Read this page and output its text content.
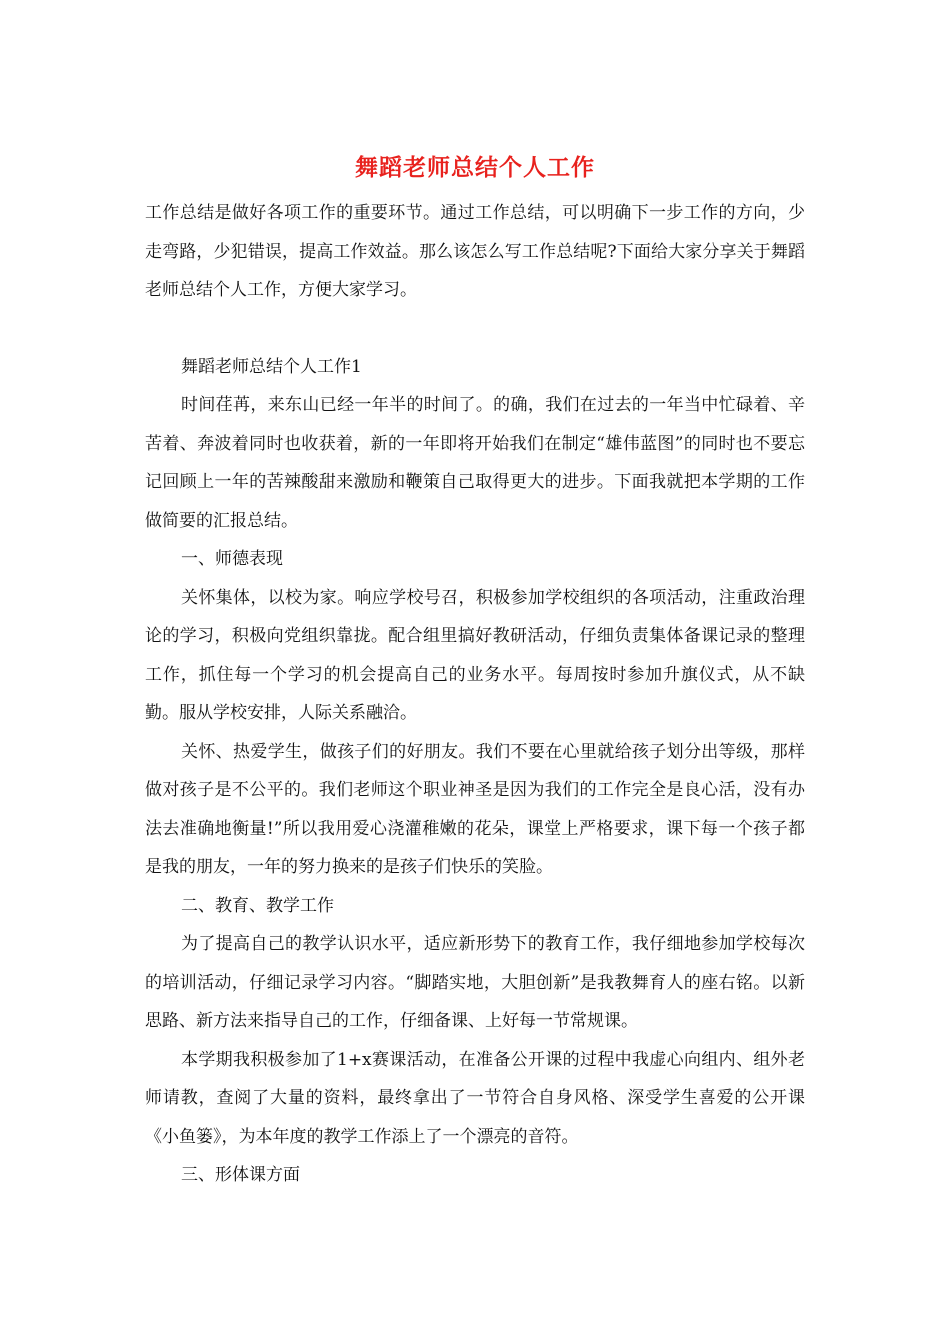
舞蹈老师总结个人工作

工作总结是做好各项工作的重要环节。通过工作总结，可以明确下一步工作的方向，少走弯路，少犯错误，提高工作效益。那么该怎么写工作总结呢?下面给大家分享关于舞蹈老师总结个人工作，方便大家学习。

舞蹈老师总结个人工作1

时间荏苒，来东山已经一年半的时间了。的确，我们在过去的一年当中忙碌着、辛苦着、奔波着同时也收获着，新的一年即将开始我们在制定“雄伟蓝图”的同时也不要忘记回顾上一年的苦辣酸甜来激励和鞭策自己取得更大的进步。下面我就把本学期的工作做简要的汇报总结。

一、师德表现

关怀集体，以校为家。响应学校号召，积极参加学校组织的各项活动，注重政治理论的学习，积极向党组织靠拢。配合组里搞好教研活动，仔细负责集体备课记录的整理工作，抓住每一个学习的机会提高自己的业务水平。每周按时参加升旗仪式，从不缺勤。服从学校安排，人际关系融洽。

关怀、热爱学生，做孩子们的好朋友。我们不要在心里就给孩子划分出等级，那样做对孩子是不公平的。我们老师这个职业神圣是因为我们的工作完全是良心活，没有办法去准确地衡量!”所以我用爱心浇灌稚嫩的花朵，课堂上严格要求，课下每一个孩子都是我的朋友，一年的努力换来的是孩子们快乐的笑脸。

二、教育、教学工作

为了提高自己的教学认识水平，适应新形势下的教育工作，我仔细地参加学校每次的培训活动，仔细记录学习内容。“脚踏实地，大胆创新”是我教舞育人的座右铭。以新思路、新方法来指导自己的工作，仔细备课、上好每一节常规课。

本学期我积极参加了1+x赛课活动，在准备公开课的过程中我虚心向组内、组外老师请教，查阅了大量的资料，最终拿出了一节符合自身风格、深受学生喜爱的公开课《小鱼篓》，为本年度的教学工作添上了一个漂亮的音符。

三、形体课方面
